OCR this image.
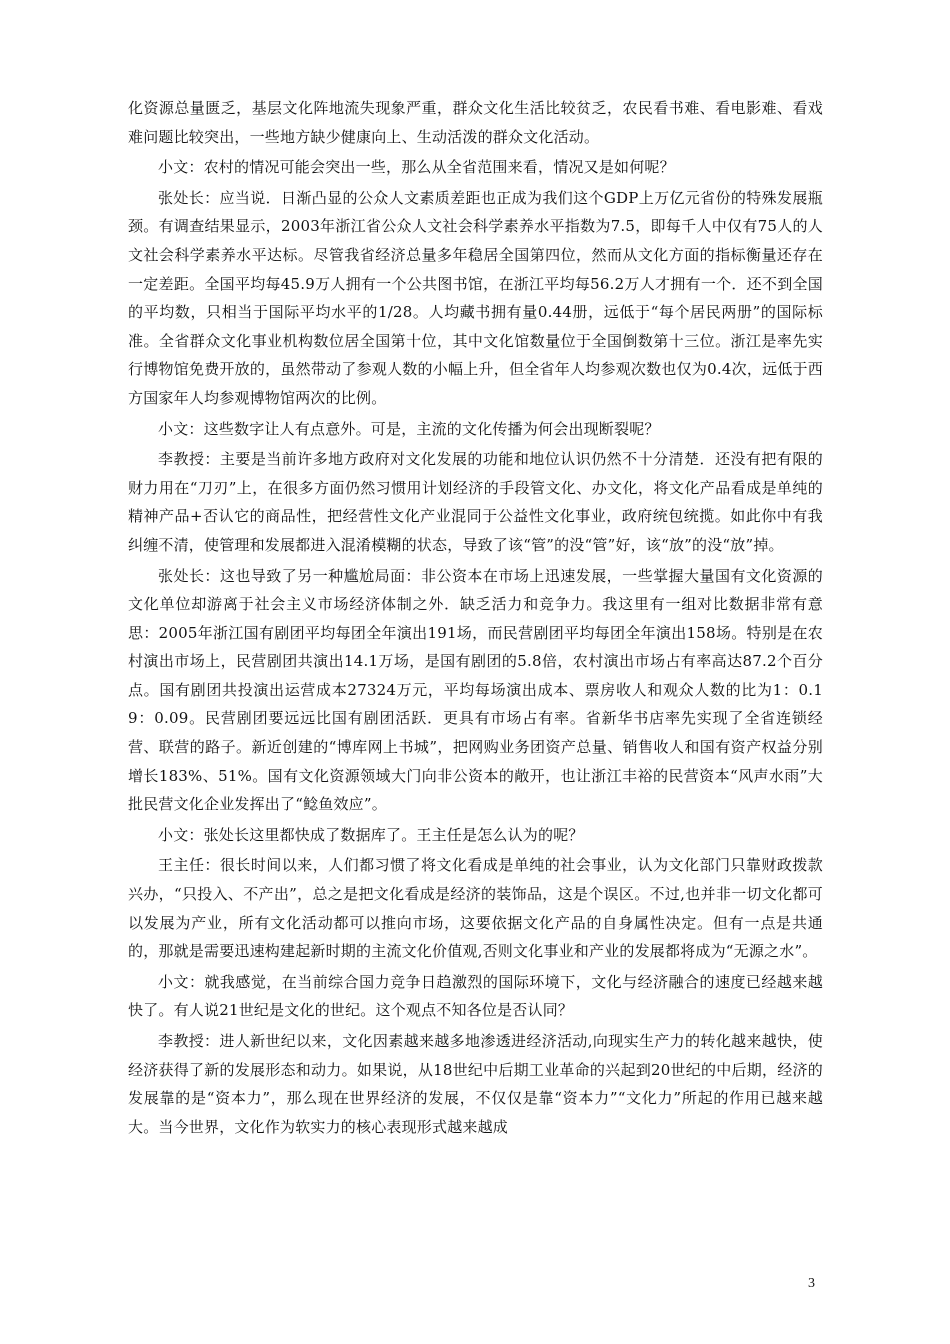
化资源总量匮乏，基层文化阵地流失现象严重，群众文化生活比较贫乏，农民看书难、看电影难、看戏难问题比较突出，一些地方缺少健康向上、生动活泼的群众文化活动。

小文：农村的情况可能会突出一些，那么从全省范围来看，情况又是如何呢？

张处长：应当说．日渐凸显的公众人文素质差距也正成为我们这个GDP上万亿元省份的特殊发展瓶颈。有调查结果显示，2003年浙江省公众人文社会科学素养水平指数为7.5，即每千人中仅有75人的人文社会科学素养水平达标。尽管我省经济总量多年稳居全国第四位，然而从文化方面的指标衡量还存在一定差距。全国平均每45.9万人拥有一个公共图书馆，在浙江平均每56.2万人才拥有一个．还不到全国的平均数，只相当于国际平均水平的1/28。人均藏书拥有量0.44册，远低于“每个居民两册”的国际标准。全省群众文化事业机构数位居全国第十位，其中文化馆数量位于全国倒数第十三位。浙江是率先实行博物馆免费开放的，虽然带动了参观人数的小幅上升，但全省年人均参观次数也仅为0.4次，远低于西方国家年人均参观博物馆两次的比例。

小文：这些数字让人有点意外。可是，主流的文化传播为何会出现断裂呢？

李教授：主要是当前许多地方政府对文化发展的功能和地位认识仍然不十分清楚．还没有把有限的财力用在“刀刃”上，在很多方面仍然习惯用计划经济的手段管文化、办文化，将文化产品看成是单纯的精神产品+否认它的商品性，把经营性文化产业混同于公益性文化事业，政府统包统揽。如此你中有我纠缠不清，使管理和发展都进入混淆模糊的状态，导致了该“管”的没“管”好，该“放”的没“放”掉。

张处长：这也导致了另一种尴尬局面：非公资本在市场上迅速发展，一些掌握大量国有文化资源的文化单位却游离于社会主义市场经济体制之外．缺乏活力和竞争力。我这里有一组对比数据非常有意思：2005年浙江国有剧团平均每团全年演出191场，而民营剧团平均每团全年演出158场。特别是在农村演出市场上，民营剧团共演出14.1万场，是国有剧团的5.8倍，农村演出市场占有率高达87.2个百分点。国有剧团共投演出运营成本27324万元，平均每场演出成本、票房收人和观众人数的比为1：0.19：0.09。民营剧团要远远比国有剧团活跃．更具有市场占有率。省新华书店率先实现了全省连锁经营、联营的路子。新近创建的“博库网上书城”，把网购业务团资产总量、销售收人和国有资产权益分别增长183%、51%。国有文化资源领域大门向非公资本的敞开，也让浙江丰裕的民营资本“风声水雨”大批民营文化企业发挥出了“鲶鱼效应”。

小文：张处长这里都快成了数据库了。王主任是怎么认为的呢？

王主任：很长时间以来，人们都习惯了将文化看成是单纯的社会事业，认为文化部门只靠财政拨款兴办，“只投入、不产出”，总之是把文化看成是经济的装饰品，这是个误区。不过,也并非一切文化都可以发展为产业，所有文化活动都可以推向市场，这要依据文化产品的自身属性决定。但有一点是共通的，那就是需要迅速构建起新时期的主流文化价值观,否则文化事业和产业的发展都将成为“无源之水”。

小文：就我感觉，在当前综合国力竞争日趋激烈的国际环境下，文化与经济融合的速度已经越来越快了。有人说21世纪是文化的世纪。这个观点不知各位是否认同？

李教授：进人新世纪以来，文化因素越来越多地渗透进经济活动,向现实生产力的转化越来越快，使经济获得了新的发展形态和动力。如果说，从18世纪中后期工业革命的兴起到20世纪的中后期，经济的发展靠的是“资本力”，那么现在世界经济的发展，不仅仅是靠“资本力”“文化力”所起的作用已越来越大。当今世界，文化作为软实力的核心表现形式越来越成

3
